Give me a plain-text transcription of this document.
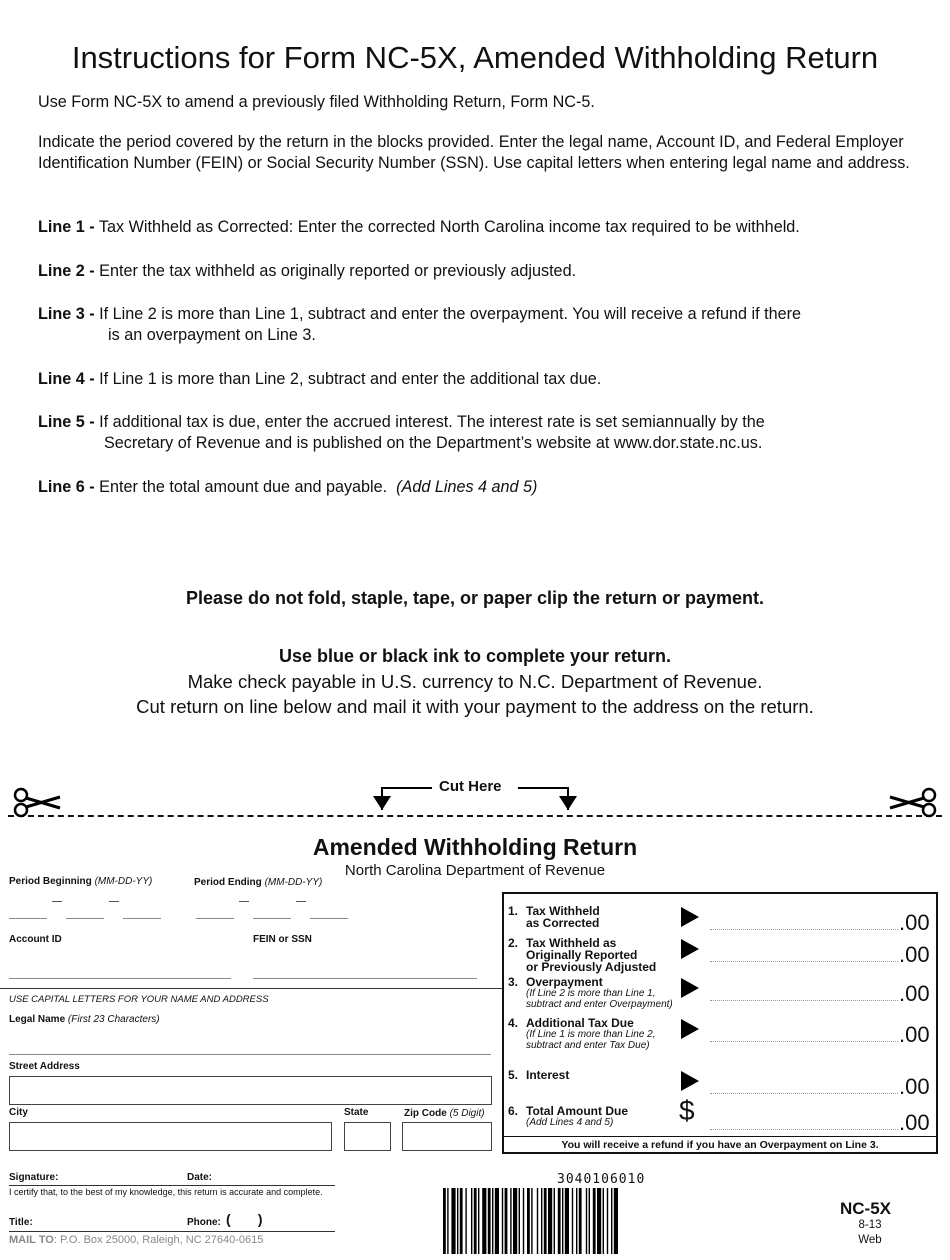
Instructions for Form NC-5X, Amended Withholding Return
Use Form NC-5X to amend a previously filed Withholding Return, Form NC-5.
Indicate the period covered by the return in the blocks provided. Enter the legal name, Account ID, and Federal Employer Identification Number (FEIN) or Social Security Number (SSN). Use capital letters when entering legal name and address.
Line 1 - Tax Withheld as Corrected: Enter the corrected North Carolina income tax required to be withheld.
Line 2 - Enter the tax withheld as originally reported or previously adjusted.
Line 3 - If Line 2 is more than Line 1, subtract and enter the overpayment. You will receive a refund if there
is an overpayment on Line 3.
Line 4 - If Line 1 is more than Line 2, subtract and enter the additional tax due.
Line 5 - If additional tax is due, enter the accrued interest. The interest rate is set semiannually by the
Secretary of Revenue and is published on the Department’s website at www.dor.state.nc.us.
Line 6 - Enter the total amount due and payable. (Add Lines 4 and 5)
Please do not fold, staple, tape, or paper clip the return or payment.
Use blue or black ink to complete your return.
Make check payable in U.S. currency to N.C. Department of Revenue.
Cut return on line below and mail it with your payment to the address on the return.
Cut Here
Amended Withholding Return
North Carolina Department of Revenue
Period Beginning (MM-DD-YY)	Period Ending (MM-DD-YY)
Account ID	FEIN or SSN
USE CAPITAL LETTERS FOR YOUR NAME AND ADDRESS
Legal Name (First 23 Characters)
Street Address
City	State	Zip Code (5 Digit)
Signature:	Date:
I certify that, to the best of my knowledge, this return is accurate and complete.
Title:	Phone: (       )
MAIL TO: P.O. Box 25000, Raleigh, NC 27640-0615
You will receive a refund if you have an Overpayment on Line 3.
1. Tax Withheld
as Corrected	.00
2. Tax Withheld as
Originally Reported
or Previously Adjusted	.00
3. Overpayment
(If Line 2 is more than Line 1,
subtract and enter Overpayment)	.00
4. Additional Tax Due
(If Line 1 is more than Line 2,
subtract and enter Tax Due)	.00
5. Interest	.00
6. Total Amount Due
(Add Lines 4 and 5)	$	.00
3040106010
NC-5X
8-13
Web
